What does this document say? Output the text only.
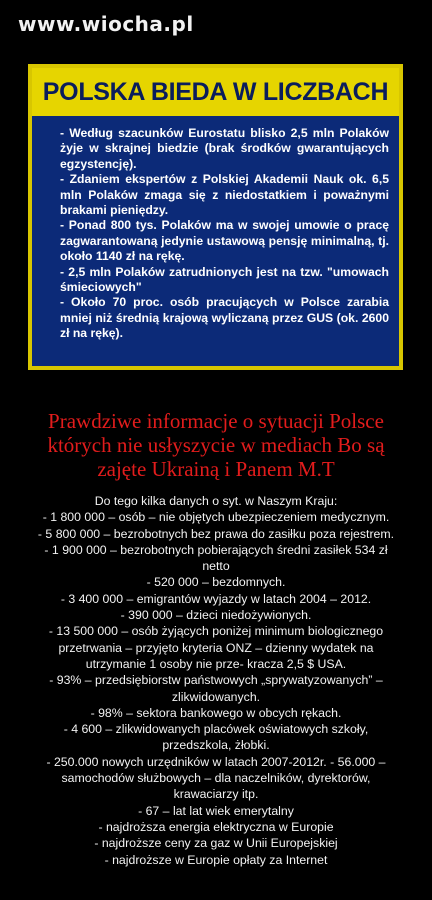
www.wiocha.pl
POLSKA BIEDA W LICZBACH

- Według szacunków Eurostatu blisko 2,5 mln Polaków żyje w skrajnej biedzie (brak środków gwarantujących egzystencję).

- Zdaniem ekspertów z Polskiej Akademii Nauk ok. 6,5 mln Polaków zmaga się z niedostatkiem i poważnymi brakami pieniędzy.

- Ponad 800 tys. Polaków ma w swojej umowie o pracę zagwarantowaną jedynie ustawową pensję minimalną, tj. około 1140 zł na rękę.

- 2,5 mln Polaków zatrudnionych jest na tzw. "umowach śmieciowych"

- Około 70 proc. osób pracujących w Polsce zarabia mniej niż średnią krajową wyliczaną przez GUS (ok. 2600 zł na rękę).

Prawdziwe informacje o sytuacji Polsce
których nie usłyszycie w mediach Bo są
zajęte Ukrainą i Panem M.T
Do tego kilka danych o syt. w Naszym Kraju:
- 1 800 000 – osób – nie objętych ubezpieczeniem medycznym.
- 5 800 000 – bezrobotnych bez prawa do zasiłku poza rejestrem.
- 1 900 000 – bezrobotnych pobierających średni zasiłek 534 zł
netto
- 520 000 – bezdomnych.
- 3 400 000 – emigrantów wyjazdy w latach 2004 – 2012.
- 390 000 – dzieci niedożywionych.
- 13 500 000 – osób żyjących poniżej minimum biologicznego
przetrwania – przyjęto kryteria ONZ – dzienny wydatek na
utrzymanie 1 osoby nie prze- kracza 2,5 $ USA.
- 93% – przedsiębiorstw państwowych „sprywatyzowanych” –
zlikwidowanych.
- 98% – sektora bankowego w obcych rękach.
- 4 600 – zlikwidowanych placówek oświatowych szkoły,
przedszkola, żłobki.
- 250.000 nowych urzędników w latach 2007-2012r. - 56.000 –
samochodów służbowych – dla naczelników, dyrektorów,
krawaciarzy itp.
- 67 – lat lat wiek emerytalny
- najdroższa energia elektryczna w Europie
- najdroższe ceny za gaz w Unii Europejskiej
- najdroższe w Europie opłaty za Internet
